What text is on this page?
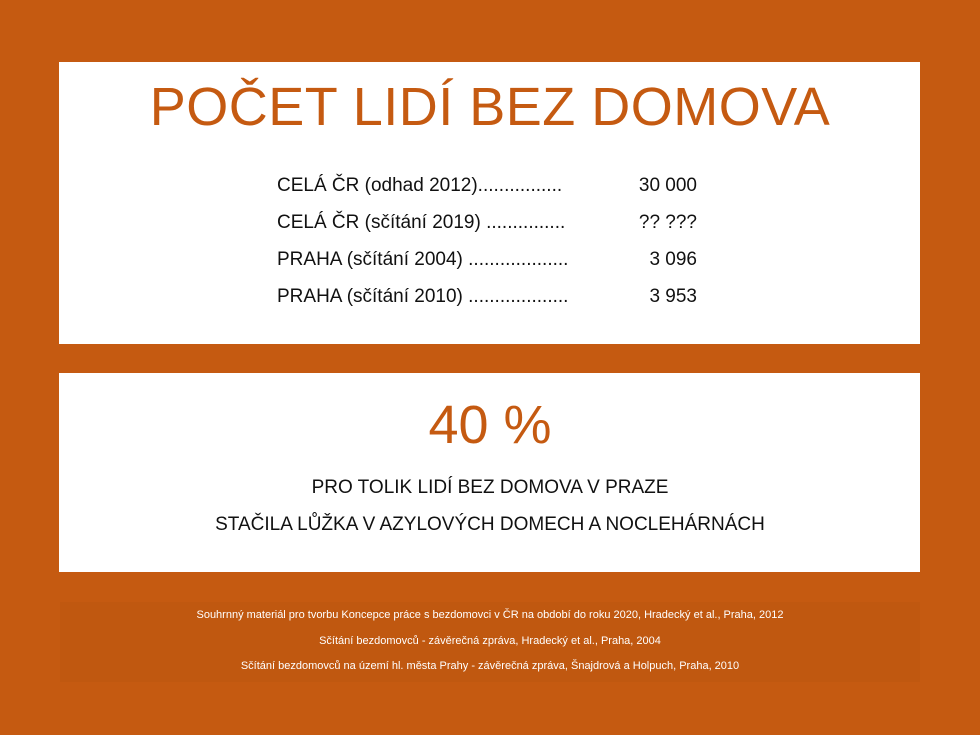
POČET LIDÍ BEZ DOMOVA
CELÁ ČR (odhad 2012)................	30 000
CELÁ ČR (sčítání 2019) ...............	?? ???
PRAHA (sčítání 2004) ...................	3 096
PRAHA (sčítání 2010) ...................	3 953
40 %
PRO TOLIK LIDÍ BEZ DOMOVA V PRAZE
STAČILA LŮŽKA V AZYLOVÝCH DOMECH A NOCLEHÁRNÁCH
Souhrnný materiál pro tvorbu Koncepce práce s bezdomovci v ČR na období do roku 2020, Hradecký et al., Praha, 2012
Sčítání bezdomovců - závěrečná zpráva, Hradecký et al., Praha, 2004
Sčítání bezdomovců na území hl. města Prahy - závěrečná zpráva, Šnajdrová a Holpuch, Praha, 2010
